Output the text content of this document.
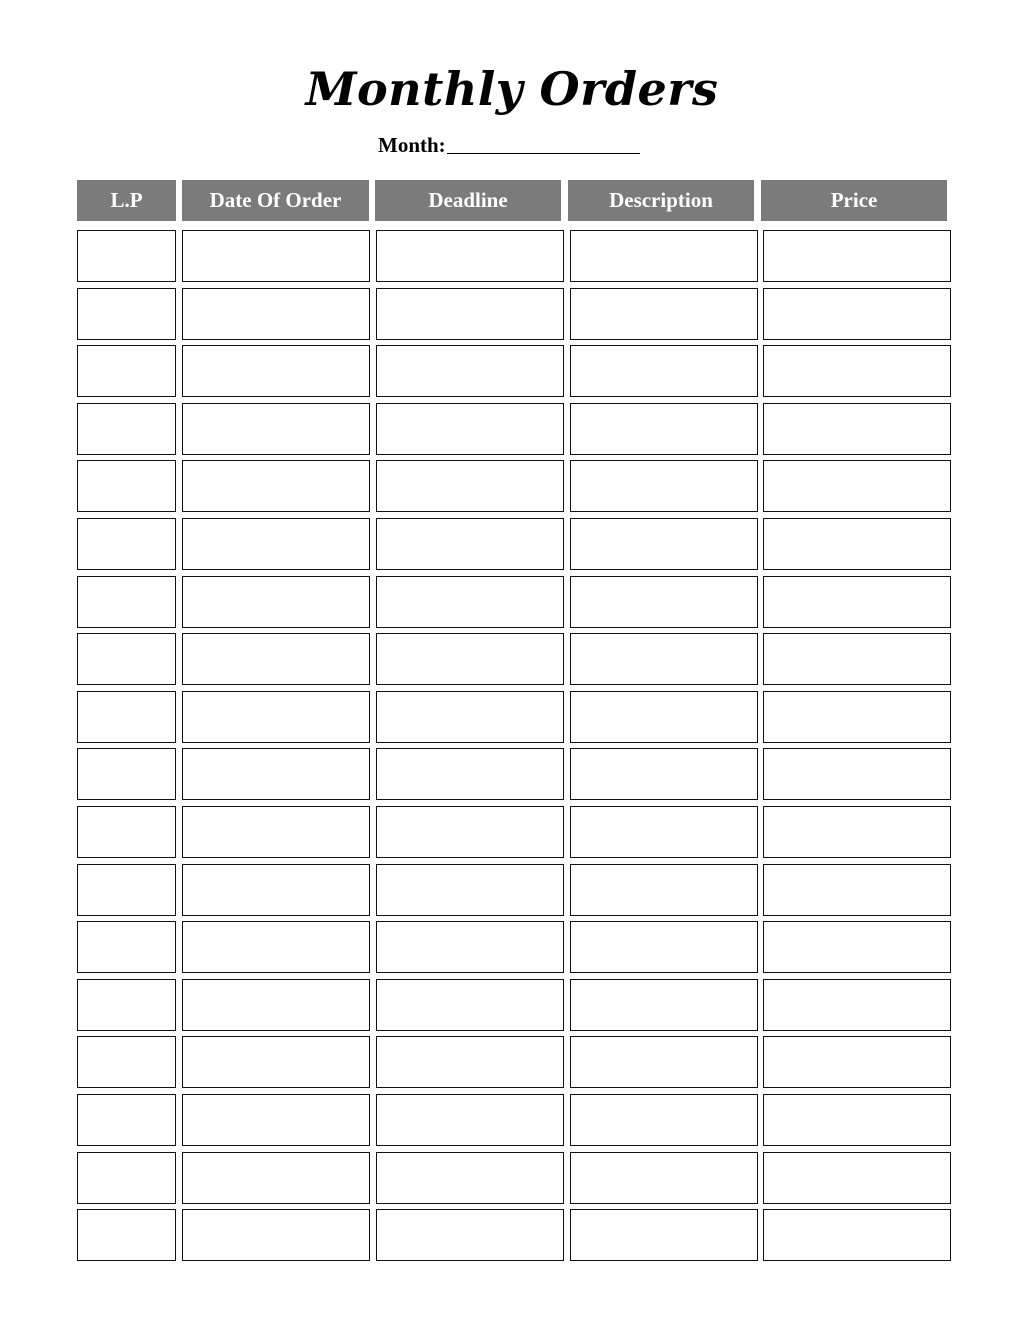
Monthly Orders
Month:
L.P	Date Of Order	Deadline	Description	Price
